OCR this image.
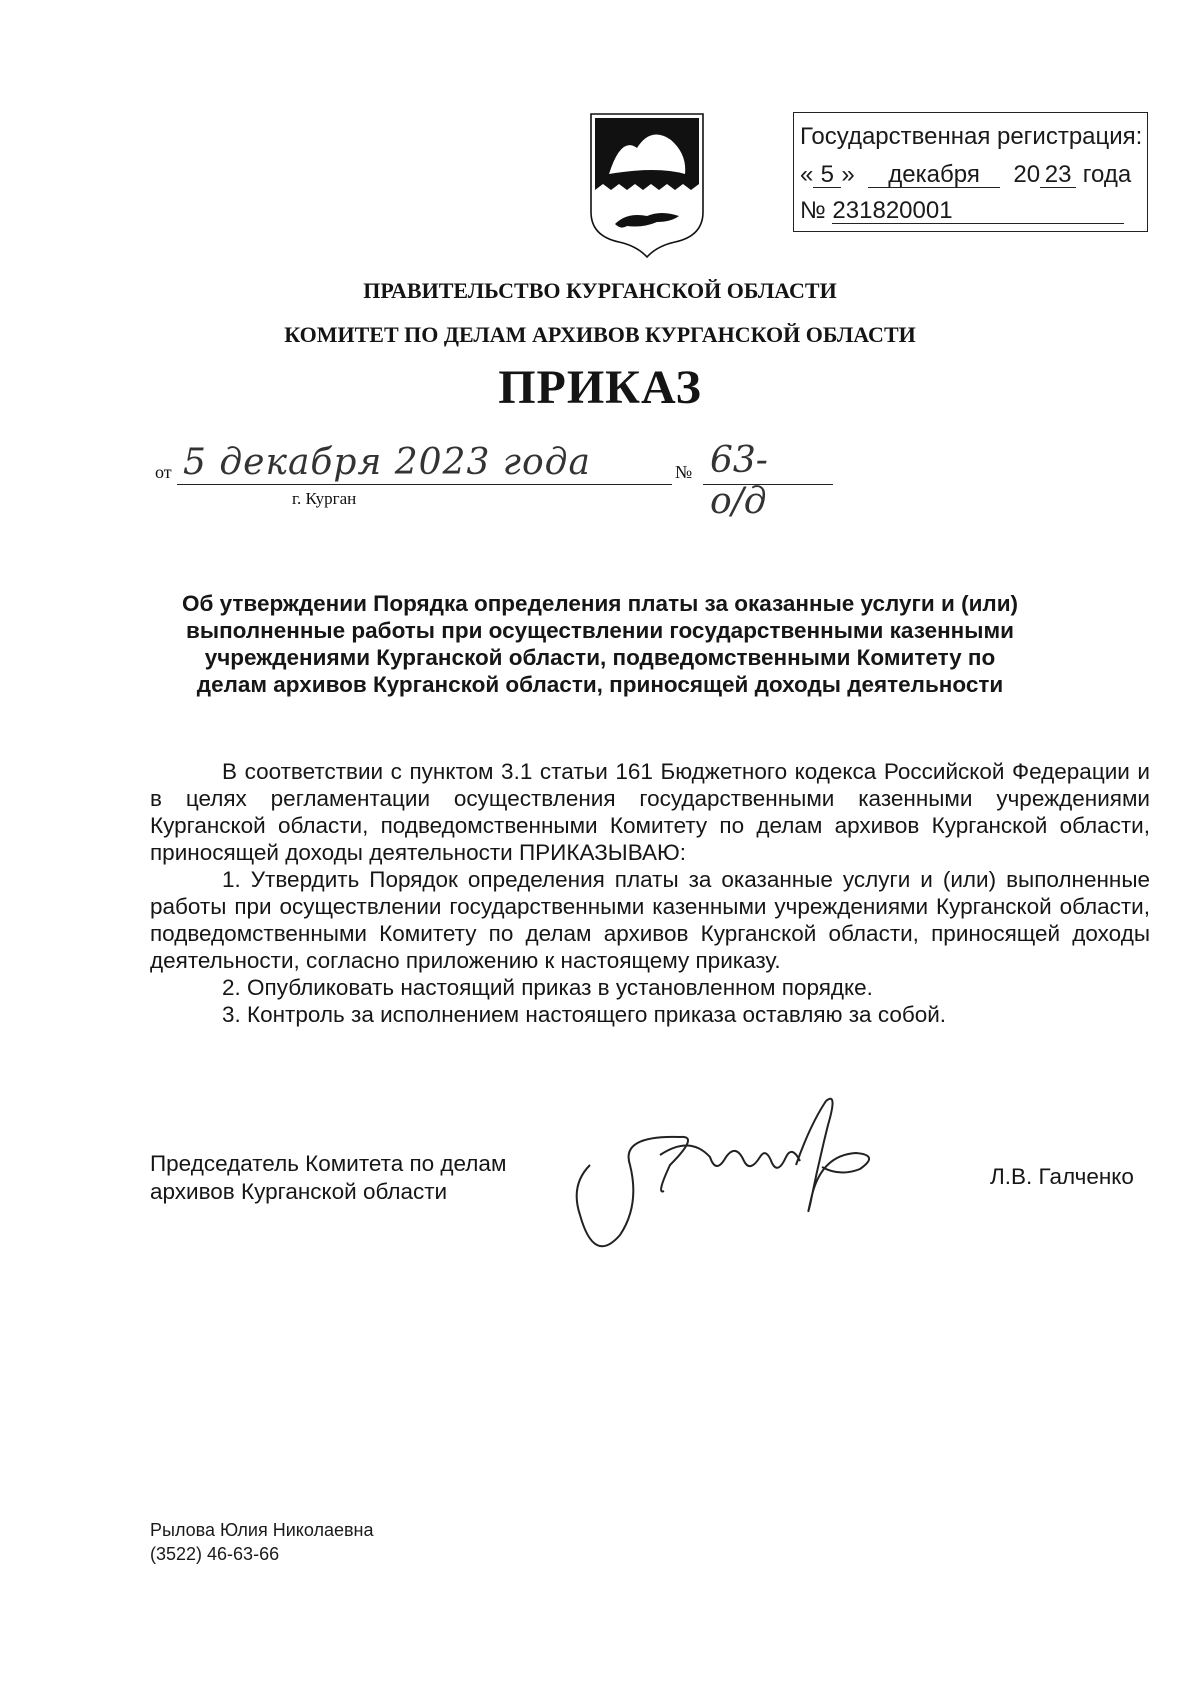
Государственная регистрация:
« 5 » декабря 20 23 года
№ 231820001
ПРАВИТЕЛЬСТВО КУРГАНСКОЙ ОБЛАСТИ
КОМИТЕТ ПО ДЕЛАМ АРХИВОВ КУРГАНСКОЙ ОБЛАСТИ
ПРИКАЗ
от 5 декабря 2023 года	№ 63-о/д
г. Курган
Об утверждении Порядка определения платы за оказанные услуги и (или) выполненные работы при осуществлении государственными казенными учреждениями Курганской области, подведомственными Комитету по делам архивов Курганской области, приносящей доходы деятельности

В соответствии с пунктом 3.1 статьи 161 Бюджетного кодекса Российской Федерации и в целях регламентации осуществления государственными казенными учреждениями Курганской области, подведомственными Комитету по делам архивов Курганской области, приносящей доходы деятельности ПРИКАЗЫВАЮ:

1. Утвердить Порядок определения платы за оказанные услуги и (или) выполненные работы при осуществлении государственными казенными учреждениями Курганской области, подведомственными Комитету по делам архивов Курганской области, приносящей доходы деятельности, согласно приложению к настоящему приказу.

2. Опубликовать настоящий приказ в установленном порядке.

3. Контроль за исполнением настоящего приказа оставляю за собой.

Председатель Комитета по делам
архивов Курганской области
Л.В. Галченко
Рылова Юлия Николаевна
(3522) 46-63-66
